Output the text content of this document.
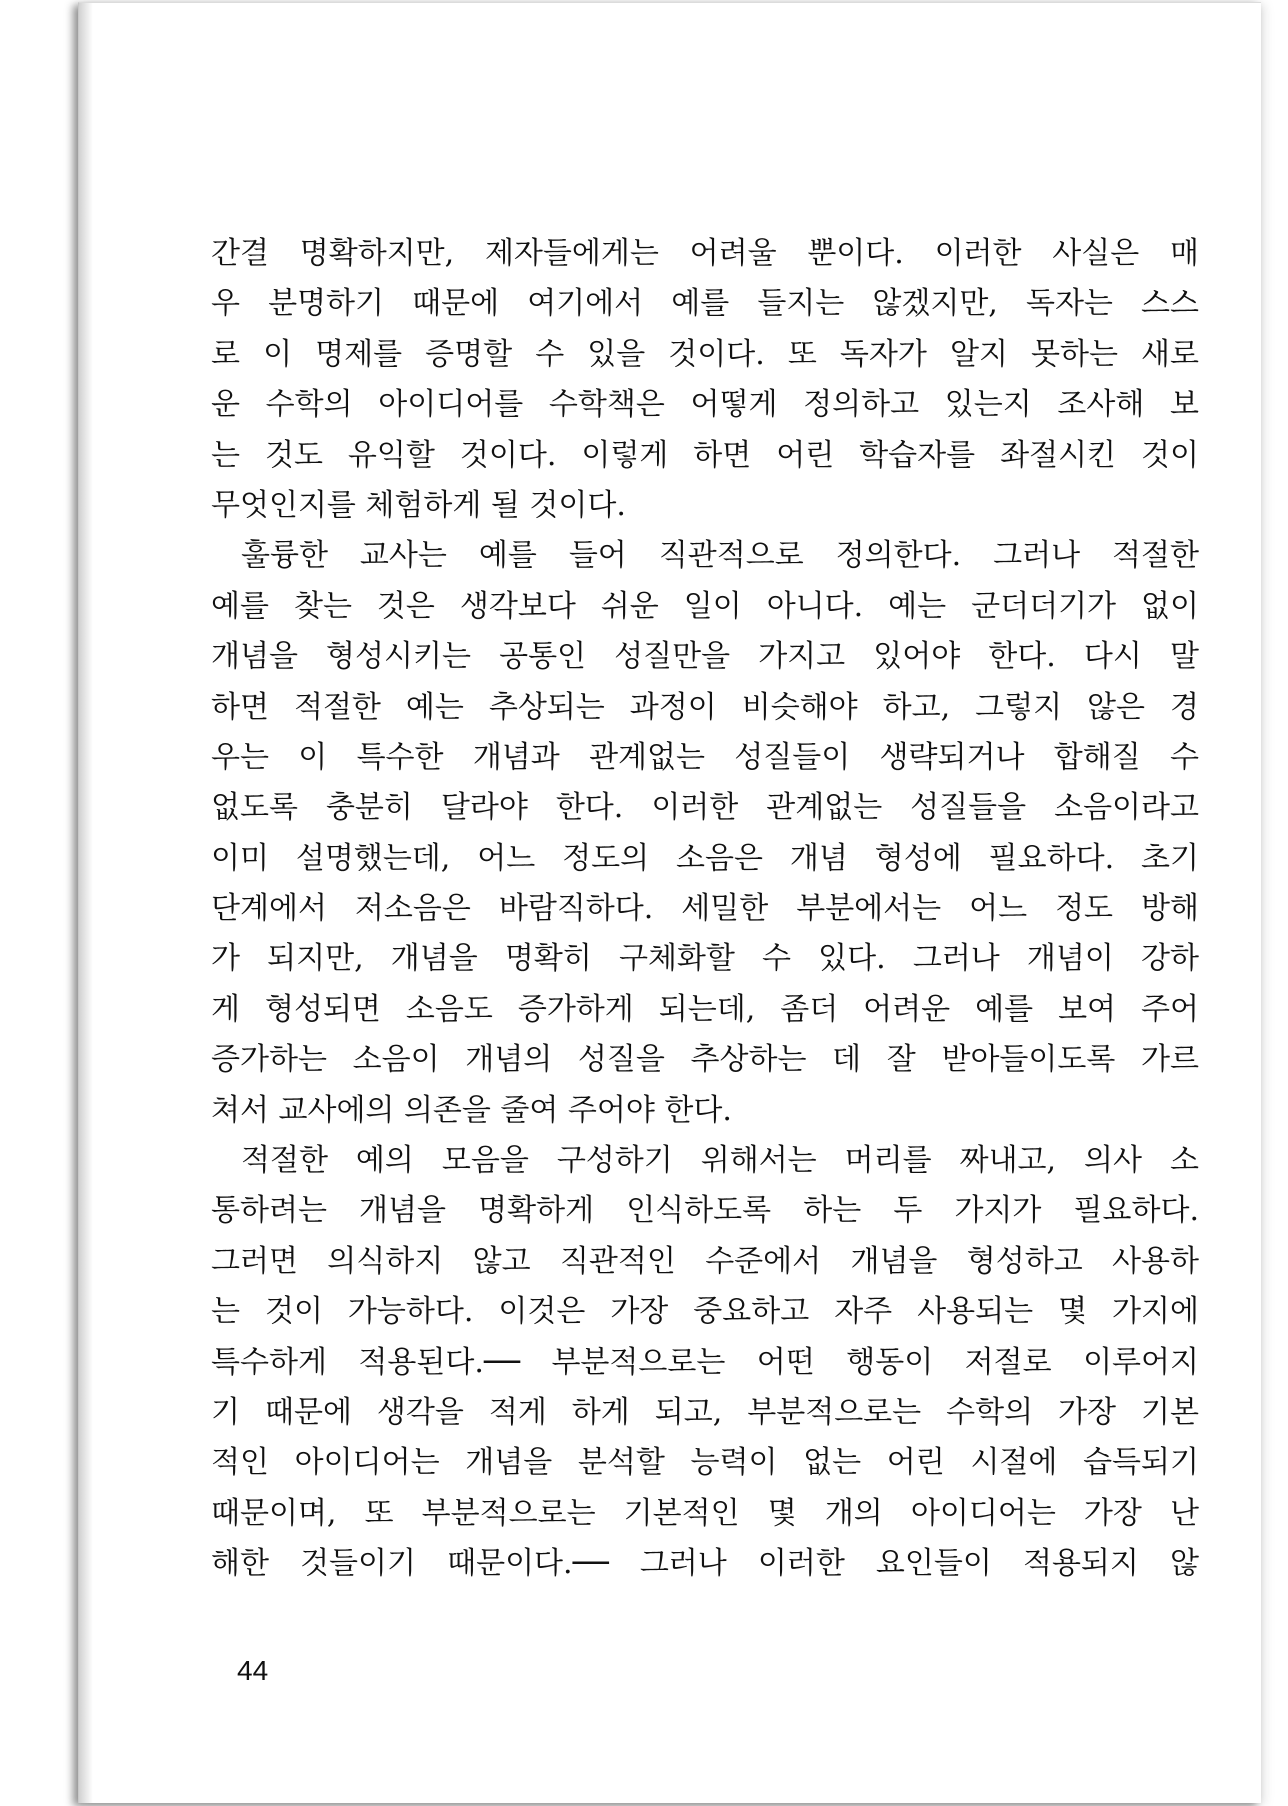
간결 명확하지만, 제자들에게는 어려울 뿐이다. 이러한 사실은 매
우 분명하기 때문에 여기에서 예를 들지는 않겠지만, 독자는 스스
로 이 명제를 증명할 수 있을 것이다. 또 독자가 알지 못하는 새로
운 수학의 아이디어를 수학책은 어떻게 정의하고 있는지 조사해 보
는 것도 유익할 것이다. 이렇게 하면 어린 학습자를 좌절시킨 것이
무엇인지를 체험하게 될 것이다.
훌륭한 교사는 예를 들어 직관적으로 정의한다. 그러나 적절한
예를 찾는 것은 생각보다 쉬운 일이 아니다. 예는 군더더기가 없이
개념을 형성시키는 공통인 성질만을 가지고 있어야 한다. 다시 말
하면 적절한 예는 추상되는 과정이 비슷해야 하고, 그렇지 않은 경
우는 이 특수한 개념과 관계없는 성질들이 생략되거나 합해질 수
없도록 충분히 달라야 한다. 이러한 관계없는 성질들을 소음이라고
이미 설명했는데, 어느 정도의 소음은 개념 형성에 필요하다. 초기
단계에서 저소음은 바람직하다. 세밀한 부분에서는 어느 정도 방해
가 되지만, 개념을 명확히 구체화할 수 있다. 그러나 개념이 강하
게 형성되면 소음도 증가하게 되는데, 좀더 어려운 예를 보여 주어
증가하는 소음이 개념의 성질을 추상하는 데 잘 받아들이도록 가르
쳐서 교사에의 의존을 줄여 주어야 한다.
적절한 예의 모음을 구성하기 위해서는 머리를 짜내고, 의사 소
통하려는 개념을 명확하게 인식하도록 하는 두 가지가 필요하다.
그러면 의식하지 않고 직관적인 수준에서 개념을 형성하고 사용하
는 것이 가능하다. 이것은 가장 중요하고 자주 사용되는 몇 가지에
특수하게 적용된다.── 부분적으로는 어떤 행동이 저절로 이루어지
기 때문에 생각을 적게 하게 되고, 부분적으로는 수학의 가장 기본
적인 아이디어는 개념을 분석할 능력이 없는 어린 시절에 습득되기
때문이며, 또 부분적으로는 기본적인 몇 개의 아이디어는 가장 난
해한 것들이기 때문이다.── 그러나 이러한 요인들이 적용되지 않
44
